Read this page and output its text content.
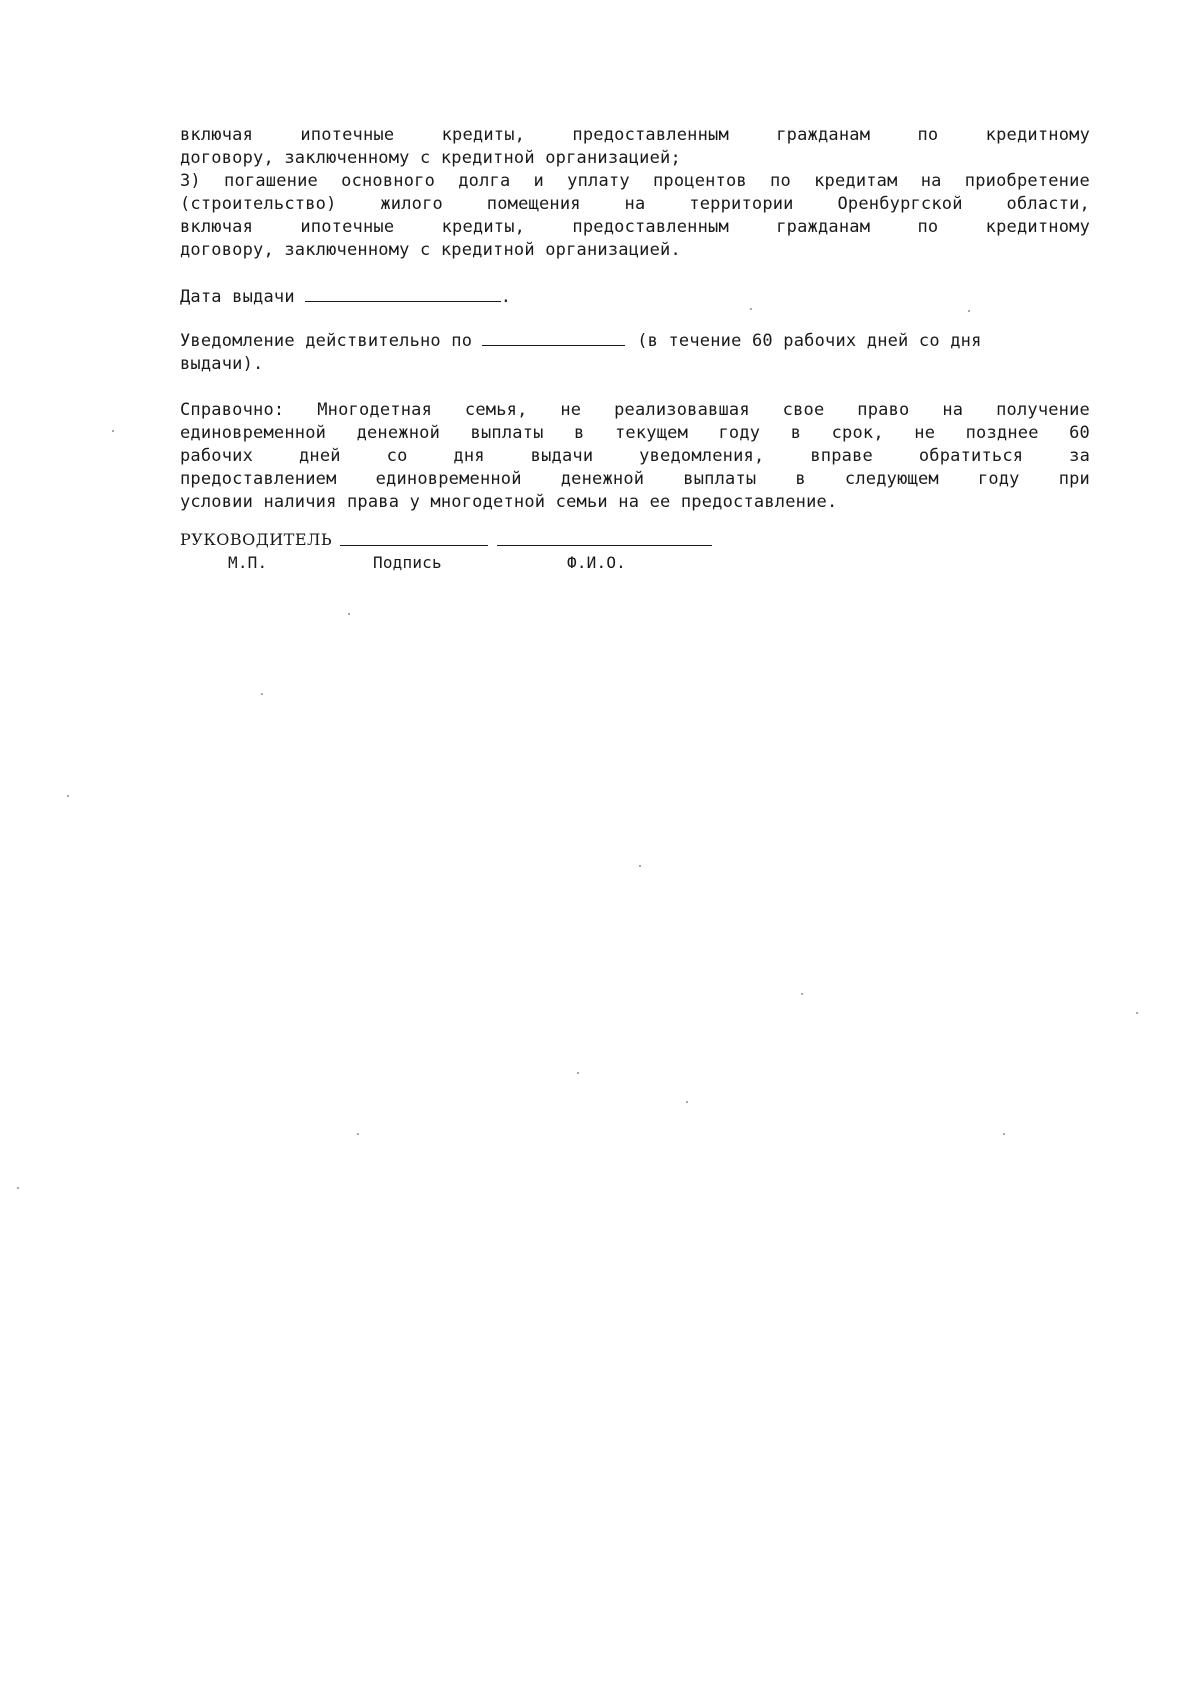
включая ипотечные кредиты, предоставленным гражданам по кредитному
договору, заключенному с кредитной организацией;
3) погашение основного долга и уплату процентов по кредитам на приобретение
(строительство) жилого помещения на территории Оренбургской области,
включая ипотечные кредиты, предоставленным гражданам по кредитному
договору, заключенному с кредитной организацией.
Дата выдачи	.
Уведомление действительно по	(в течение 60 рабочих дней со дня
выдачи).
Справочно: Многодетная семья, не реализовавшая свое право на получение
единовременной денежной выплаты в текущем году в срок, не позднее 60
рабочих дней со дня выдачи уведомления, вправе обратиться за
предоставлением единовременной денежной выплаты в следующем году при
условии наличия права у многодетной семьи на ее предоставление.
РУКОВОДИТЕЛЬ
М.П.	Подпись	Ф.И.О.
